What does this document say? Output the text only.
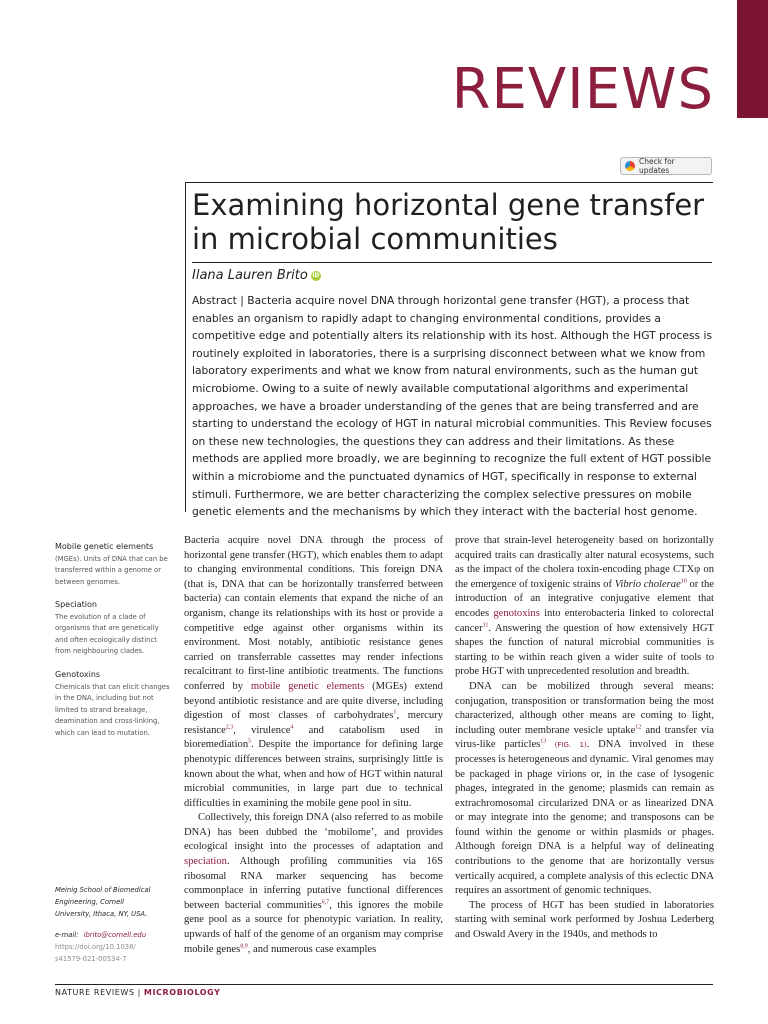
REVIEWS
Check for updates
Examining horizontal gene transfer in microbial communities
Ilana Lauren Brito iD

Abstract | Bacteria acquire novel DNA through horizontal gene transfer (HGT), a process that enables an organism to rapidly adapt to changing environmental conditions, provides a competitive edge and potentially alters its relationship with its host. Although the HGT process is routinely exploited in laboratories, there is a surprising disconnect between what we know from laboratory experiments and what we know from natural environments, such as the human gut microbiome. Owing to a suite of newly available computational algorithms and experimental approaches, we have a broader understanding of the genes that are being transferred and are starting to understand the ecology of HGT in natural microbial communities. This Review focuses on these new technologies, the questions they can address and their limitations. As these methods are applied more broadly, we are beginning to recognize the full extent of HGT possible within a microbiome and the punctuated dynamics of HGT, specifically in response to external stimuli. Furthermore, we are better characterizing the complex selective pressures on mobile genetic elements and the mechanisms by which they interact with the bacterial host genome.

Mobile genetic elements

(MGEs). Units of DNA that can be transferred within a genome or between genomes.

Speciation

The evolution of a clade of organisms that are genetically and often ecologically distinct from neighbouring clades.

Genotoxins

Chemicals that can elicit changes in the DNA, including but not limited to strand breakage, deamination and cross-linking, which can lead to mutation.

Meinig School of Biomedical

Engineering, Cornell

University, Ithaca, NY, USA.

e-mail: ibrito@cornell.edu
https://doi.org/10.1038/
s41579-021-00534-7

Bacteria acquire novel DNA through the process of horizontal gene transfer (HGT), which enables them to adapt to changing environmental conditions. This foreign DNA (that is, DNA that can be horizontally transferred between bacteria) can contain elements that expand the niche of an organism, change its relationships with its host or provide a competitive edge against other organisms within its environment. Most notably, antibiotic resistance genes carried on transferrable cassettes may render infections recalcitrant to first-line antibiotic treatments. The functions conferred by mobile genetic elements (MGEs) extend beyond antibiotic resistance and are quite diverse, including digestion of most classes of carbohydrates$^1$, mercury resistance$^{2,3}$, virulence$^4$ and catabolism used in bioremediation$^5$. Despite the importance for defining large phenotypic differences between strains, surprisingly little is known about the what, when and how of HGT within natural microbial communities, in large part due to technical difficulties in examining the mobile gene pool in situ.

Collectively, this foreign DNA (also referred to as mobile DNA) has been dubbed the ‘mobilome’, and provides ecological insight into the processes of adaptation and speciation. Although profiling communities via 16S ribosomal RNA marker sequencing has become commonplace in inferring putative functional differences between bacterial communities$^{6,7}$, this ignores the mobile gene pool as a source for phenotypic variation. In reality, upwards of half of the genome of an organism may comprise mobile genes$^{8,9}$, and numerous case examples

prove that strain-level heterogeneity based on horizontally acquired traits can drastically alter natural ecosystems, such as the impact of the cholera toxin-encoding phage CTXφ on the emergence of toxigenic strains of Vibrio cholerae$^{10}$ or the introduction of an integrative conjugative element that encodes genotoxins into enterobacteria linked to colorectal cancer$^{11}$. Answering the question of how extensively HGT shapes the function of natural microbial communities is starting to be within reach given a wider suite of tools to probe HGT with unprecedented resolution and breadth.

DNA can be mobilized through several means: conjugation, transposition or transformation being the most characterized, although other means are coming to light, including outer membrane vesicle uptake$^{12}$ and transfer via virus-like particles$^{13}$ (FIG. 1). DNA involved in these processes is heterogeneous and dynamic. Viral genomes may be packaged in phage virions or, in the case of lysogenic phages, integrated in the genome; plasmids can remain as extrachromosomal circularized DNA or as linearized DNA or may integrate into the genome; and transposons can be found within the genome or within plasmids or phages. Although foreign DNA is a helpful way of delineating contributions to the genome that are horizontally versus vertically acquired, a complete analysis of this eclectic DNA requires an assortment of genomic techniques.

The process of HGT has been studied in laboratories starting with seminal work performed by Joshua Lederberg and Oswald Avery in the 1940s, and methods to

NATURE REVIEWS | MICROBIOLOGY
